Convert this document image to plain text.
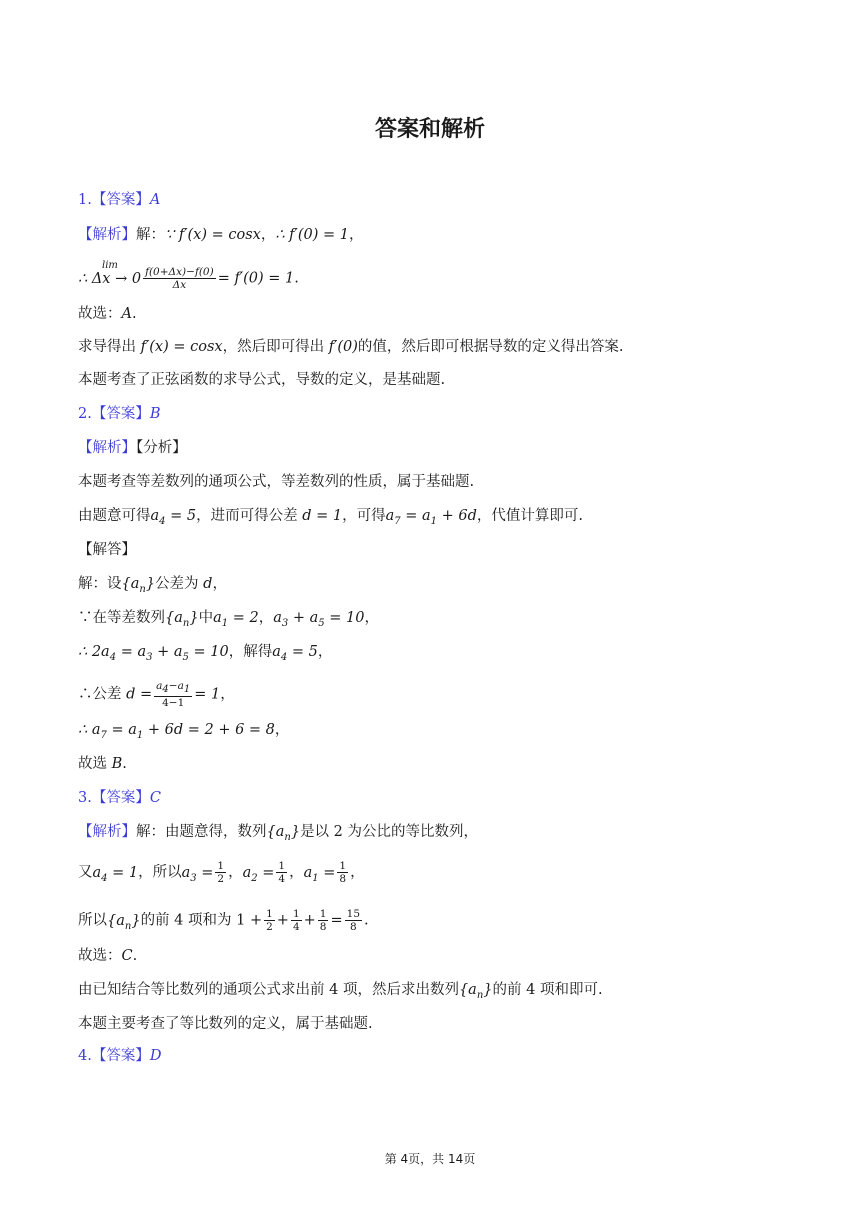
答案和解析
1.【答案】A
【解析】解：∵ f′(x) = cosx，∴ f′(0) = 1，
∴ Δx → 0
lim
$\frac{f(0+\Delta x)-f(0)}{\Delta x} = f'(0) = 1$.
故选：A.
求导得出 f′(x) = cosx，然后即可得出 f′(0)的值，然后即可根据导数的定义得出答案.
本题考查了正弦函数的求导公式，导数的定义，是基础题.
2.【答案】B
【解析】【分析】
本题考查等差数列的通项公式，等差数列的性质，属于基础题.
由题意可得$a_4 = 5$，进而可得公差 d = 1，可得$a_7 = a_1 + 6d$，代值计算即可.
【解答】
解：设$\{a_n\}$公差为 d，
∵在等差数列$\{a_n\}$中$a_1 = 2$，$a_3 + a_5 = 10$，
∴ $2a_4 = a_3 + a_5 = 10$，解得$a_4 = 5$，
∴公差 $d = \frac{a_4-a_1}{4-1} = 1$，
∴ $a_7 = a_1 + 6d = 2 + 6 = 8$，
故选 B.
3.【答案】C
【解析】解：由题意得，数列$\{a_n\}$是以 2 为公比的等比数列，
又$a_4 = 1$，所以$a_3 = \frac{1}{2}$ ，$a_2 = \frac{1}{4}$ ，$a_1 = \frac{1}{8}$ ，
所以$\{a_n\}$的前 4 项和为 $1 + \frac{1}{2} + \frac{1}{4} + \frac{1}{8} = \frac{15}{8}$ .
故选：C.
由已知结合等比数列的通项公式求出前 4 项，然后求出数列$\{a_n\}$的前 4 项和即可.
本题主要考查了等比数列的定义，属于基础题.
4.【答案】D
第 4页，共 14页
